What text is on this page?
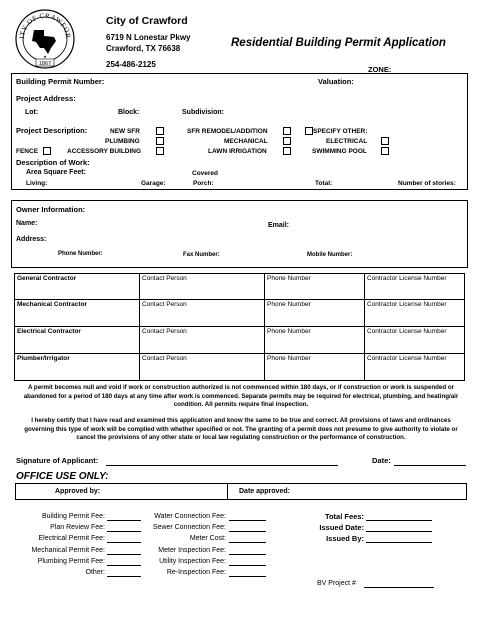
ITY OF CRAWFOR
★
1867
City of Crawford
6719 N Lonestar Pkwy
Crawford, TX 76638
254-486-2125
Residential Building Permit Application
ZONE:
Building Permit Number:	Valuation:
Project Address:
Lot:	Block:	Subdivision:
Project Description:	NEW SFR	SFR REMODEL/ADDITION	SPECIFY OTHER:
PLUMBING	MECHANICAL	ELECTRICAL
FENCE	ACCESSORY BUILDING	LAWN IRRIGATION	SWIMMING POOL
Description of Work:
Area Square Feet:	Covered
Living:	Garage:	Porch:	Total:	Number of stories:
Owner Information:
Name:	Email:
Address:
Phone Number:	Fax Number:	Mobile Number:
General Contractor	Contact Person	Phone Number	Contractor License Number
Mechanical Contractor	Contact Person	Phone Number	Contractor License Number
Electrical Contractor	Contact Person	Phone Number	Contractor License Number
Plumber/Irrigator	Contact Person	Phone Number	Contractor License Number
A permit becomes null and void if work or construction authorized is not commenced within 180 days, or if construction or work is suspended or abandoned for a period of 180 days at any time after work is commenced. Separate permits may be required for electrical, plumbing, and heating/air condition. All permits require final inspection.
I hereby certify that I have read and examined this application and know the same to be true and correct. All provisions of laws and ordinances governing this type of work will be complied with whether specified or not. The granting of a permit does not presume to give authority to violate or cancel the provisions of any other state or local law regulating construction or the performance of construction.
Signature of Applicant:	Date:
OFFICE USE ONLY:
Approved by:	Date approved:
Building Permit Fee:
Plan Review Fee:
Electrical Permit Fee:
Mechanical Permit Fee:
Plumbing Permit Fee:
Other:
Water Connection Fee:
Sewer Connection Fee:
Meter Cost:
Meter Inspection Fee:
Utility Inspection Fee:
Re-Inspection Fee:
Total Fees:
Issued Date:
Issued By:
BV Project #
